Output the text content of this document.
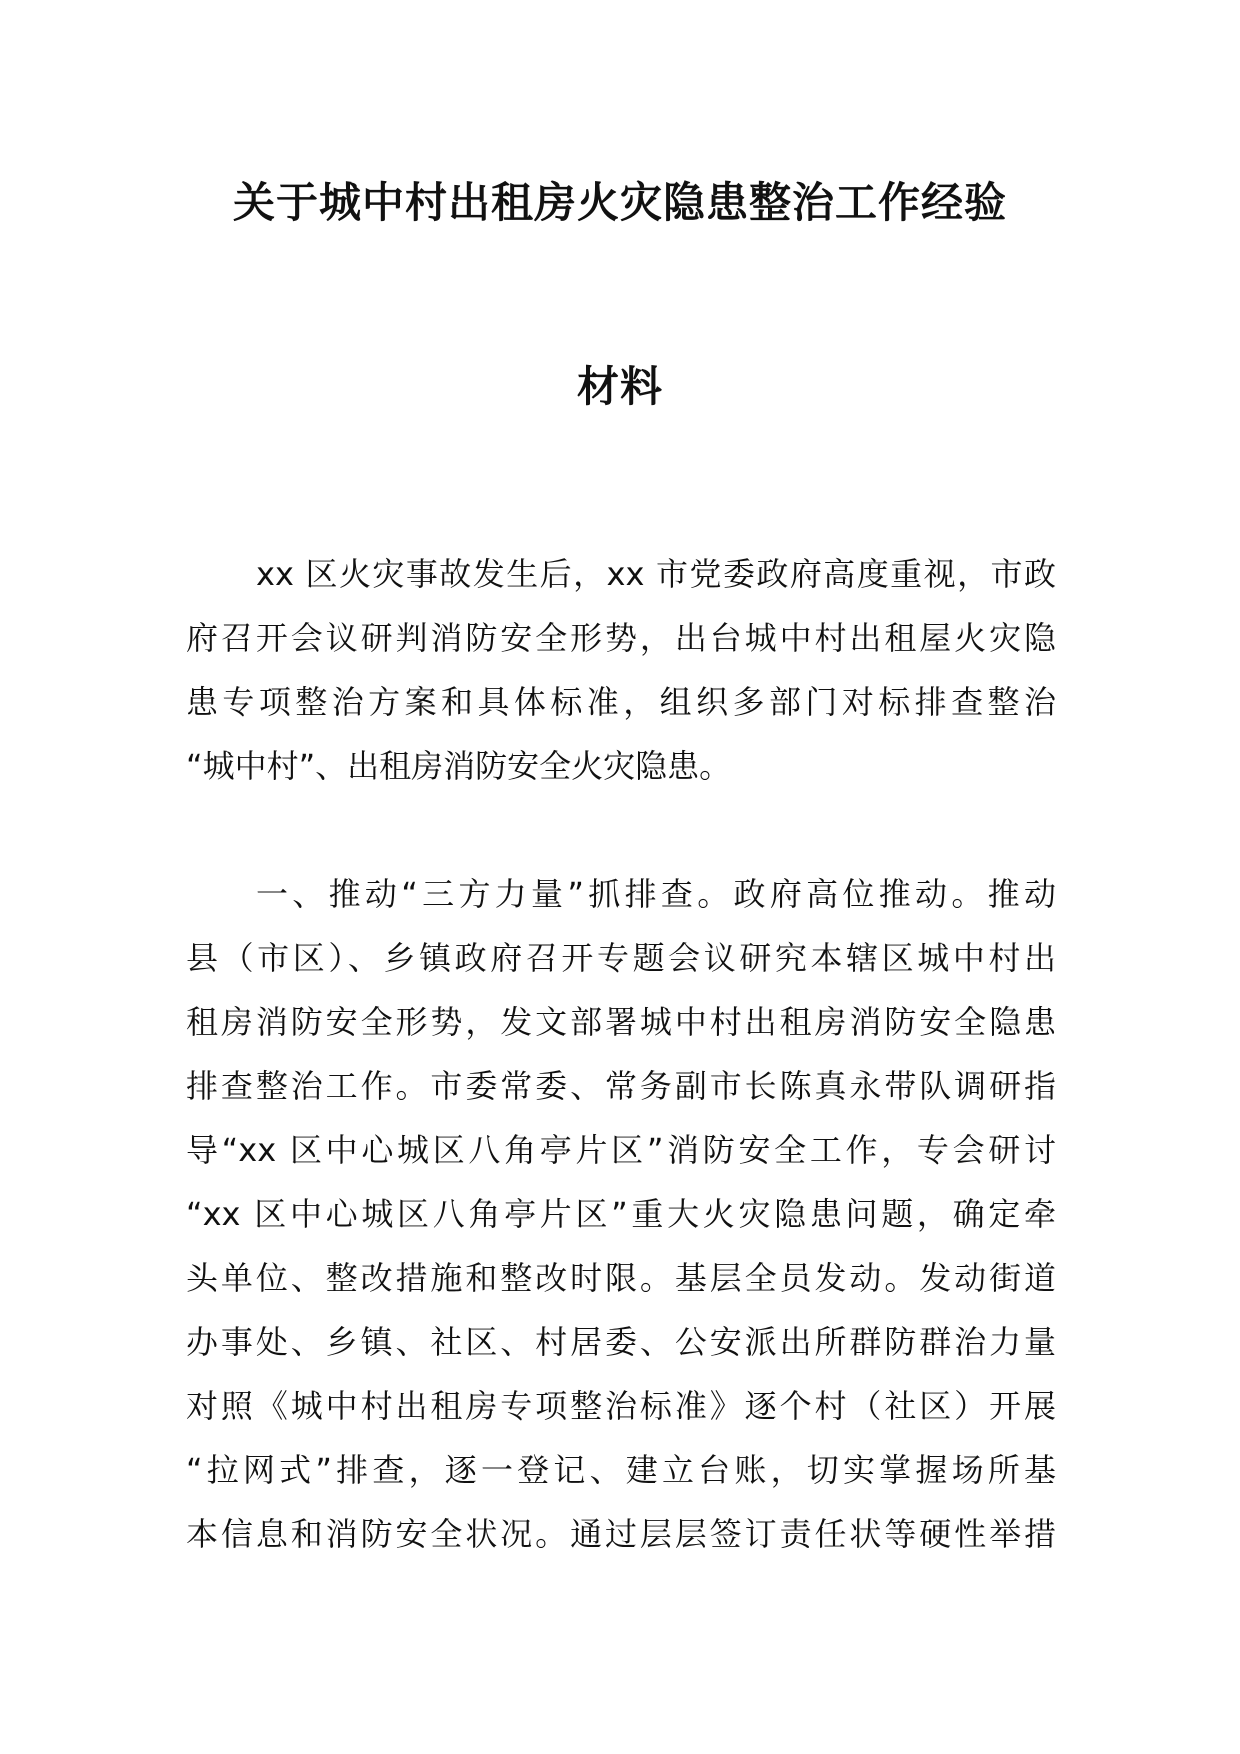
关于城中村出租房火灾隐患整治工作经验
材料

xx 区火灾事故发生后，xx 市党委政府高度重视，市政

府召开会议研判消防安全形势，出台城中村出租屋火灾隐

患专项整治方案和具体标准，组织多部门对标排查整治

“城中村”、出租房消防安全火灾隐患。

一、推动“三方力量”抓排查。政府高位推动。推动

县（市区）、乡镇政府召开专题会议研究本辖区城中村出

租房消防安全形势，发文部署城中村出租房消防安全隐患

排查整治工作。市委常委、常务副市长陈真永带队调研指

导“xx 区中心城区八角亭片区”消防安全工作，专会研讨

“xx 区中心城区八角亭片区”重大火灾隐患问题，确定牵

头单位、整改措施和整改时限。基层全员发动。发动街道

办事处、乡镇、社区、村居委、公安派出所群防群治力量

对照《城中村出租房专项整治标准》逐个村（社区）开展

“拉网式”排查，逐一登记、建立台账，切实掌握场所基

本信息和消防安全状况。通过层层签订责任状等硬性举措
